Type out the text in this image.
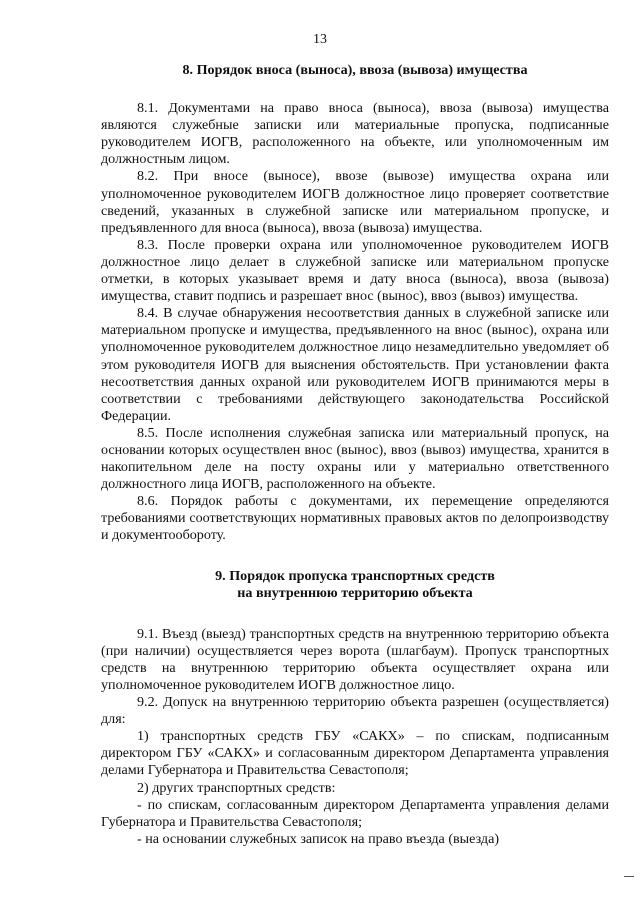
13
8. Порядок вноса (выноса), ввоза (вывоза) имущества

8.1. Документами на право вноса (выноса), ввоза (вывоза) имущества являются служебные записки или материальные пропуска, подписанные руководителем ИОГВ, расположенного на объекте, или уполномоченным им должностным лицом.

8.2. При вносе (выносе), ввозе (вывозе) имущества охрана или уполномоченное руководителем ИОГВ должностное лицо проверяет соответствие сведений, указанных в служебной записке или материальном пропуске, и предъявленного для вноса (выноса), ввоза (вывоза) имущества.

8.3. После проверки охрана или уполномоченное руководителем ИОГВ должностное лицо делает в служебной записке или материальном пропуске отметки, в которых указывает время и дату вноса (выноса), ввоза (вывоза) имущества, ставит подпись и разрешает внос (вынос), ввоз (вывоз) имущества.

8.4. В случае обнаружения несоответствия данных в служебной записке или материальном пропуске и имущества, предъявленного на внос (вынос), охрана или уполномоченное руководителем должностное лицо незамедлительно уведомляет об этом руководителя ИОГВ для выяснения обстоятельств. При установлении факта несоответствия данных охраной или руководителем ИОГВ принимаются меры в соответствии с требованиями действующего законодательства Российской Федерации.

8.5. После исполнения служебная записка или материальный пропуск, на основании которых осуществлен внос (вынос), ввоз (вывоз) имущества, хранится в накопительном деле на посту охраны или у материально ответственного должностного лица ИОГВ, расположенного на объекте.

8.6. Порядок работы с документами, их перемещение определяются требованиями соответствующих нормативных правовых актов по делопроизводству и документообороту.

9. Порядок пропуска транспортных средств
на внутреннюю территорию объекта

9.1. Въезд (выезд) транспортных средств на внутреннюю территорию объекта (при наличии) осуществляется через ворота (шлагбаум). Пропуск транспортных средств на внутреннюю территорию объекта осуществляет охрана или уполномоченное руководителем ИОГВ должностное лицо.

9.2. Допуск на внутреннюю территорию объекта разрешен (осуществляется) для:

1) транспортных средств ГБУ «САКХ» – по спискам, подписанным директором ГБУ «САКХ» и согласованным директором Департамента управления делами Губернатора и Правительства Севастополя;

2) других транспортных средств:

- по спискам, согласованным директором Департамента управления делами Губернатора и Правительства Севастополя;

- на основании служебных записок на право въезда (выезда)
